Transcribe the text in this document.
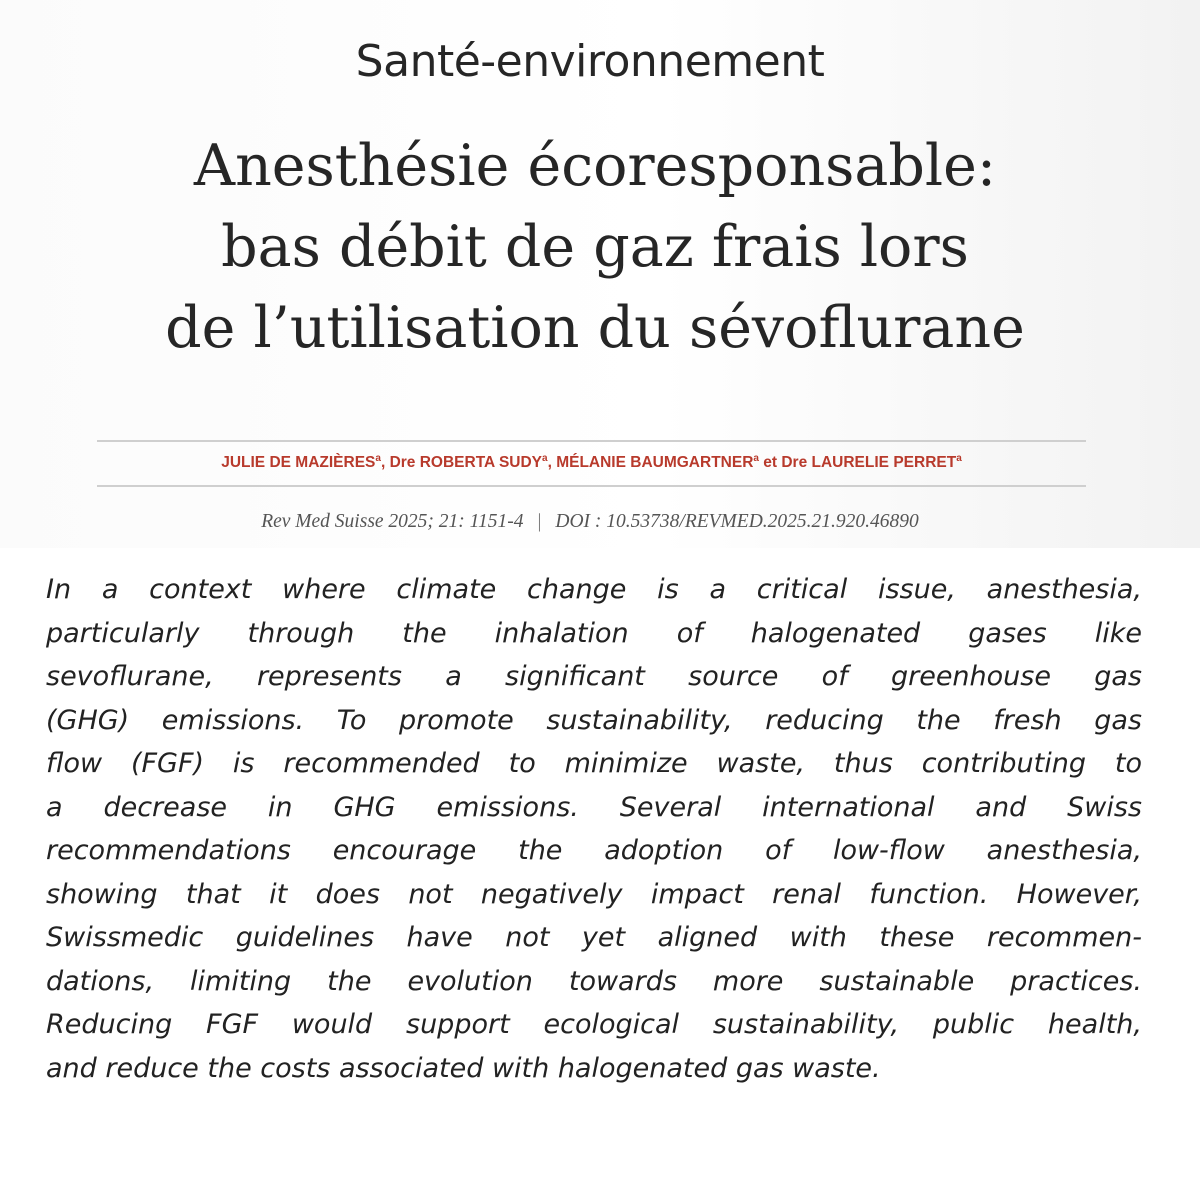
Santé-environnement
Anesthésie écoresponsable:
bas débit de gaz frais lors
de l’utilisation du sévoflurane
JULIE DE MAZIÈRES$^a$, Dre ROBERTA SUDY$^a$, MÉLANIE BAUMGARTNER$^a$ et Dre LAURELIE PERRET$^a$
Rev Med Suisse 2025; 21: 1151-4 | DOI : 10.53738/REVMED.2025.21.920.46890
In a context where climate change is a critical issue, anesthesia,
particularly through the inhalation of halogenated gases like
sevoflurane, represents a significant source of greenhouse gas
(GHG) emissions. To promote sustainability, reducing the fresh gas
flow (FGF) is recommended to minimize waste, thus contributing to
a decrease in GHG emissions. Several international and Swiss
recommendations encourage the adoption of low-flow anesthesia,
showing that it does not negatively impact renal function. However,
Swissmedic guidelines have not yet aligned with these recommen-
dations, limiting the evolution towards more sustainable practices.
Reducing FGF would support ecological sustainability, public health,
and reduce the costs associated with halogenated gas waste.
